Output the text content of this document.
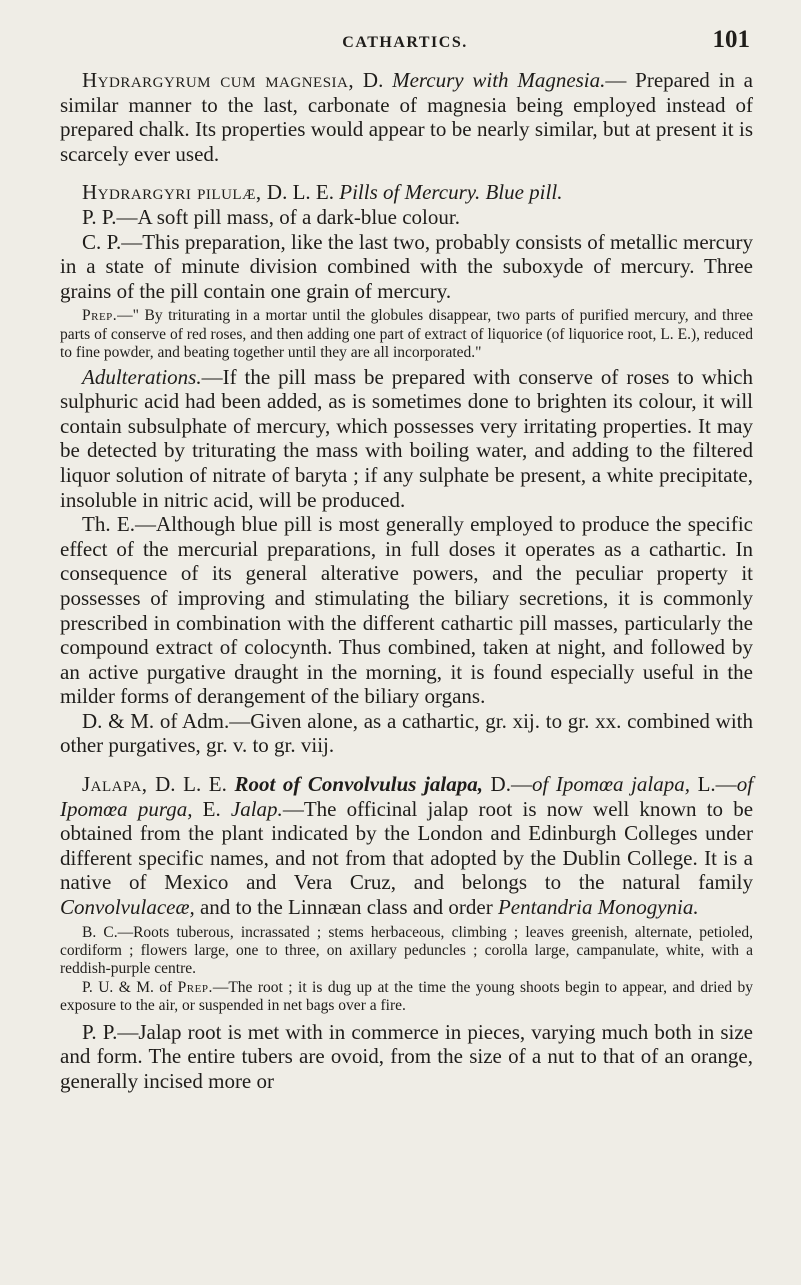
CATHARTICS.	101

Hydrargyrum cum magnesia, D. Mercury with Magnesia.— Prepared in a similar manner to the last, carbonate of magnesia being employed instead of prepared chalk. Its properties would appear to be nearly similar, but at present it is scarcely ever used.

Hydrargyri pilulæ, D. L. E. Pills of Mercury. Blue pill.

P. P.—A soft pill mass, of a dark-blue colour.

C. P.—This preparation, like the last two, probably consists of metallic mercury in a state of minute division combined with the suboxyde of mercury. Three grains of the pill contain one grain of mercury.

Prep.—" By triturating in a mortar until the globules disappear, two parts of purified mercury, and three parts of conserve of red roses, and then adding one part of extract of liquorice (of liquorice root, L. E.), reduced to fine powder, and beating together until they are all incorporated."

Adulterations.—If the pill mass be prepared with conserve of roses to which sulphuric acid had been added, as is sometimes done to brighten its colour, it will contain subsulphate of mercury, which possesses very irritating properties. It may be detected by triturating the mass with boiling water, and adding to the filtered liquor solution of nitrate of baryta ; if any sulphate be present, a white precipitate, insoluble in nitric acid, will be produced.

Th. E.—Although blue pill is most generally employed to produce the specific effect of the mercurial preparations, in full doses it operates as a cathartic. In consequence of its general alterative powers, and the peculiar property it possesses of improving and stimulating the biliary secretions, it is commonly prescribed in combination with the different cathartic pill masses, particularly the compound extract of colocynth. Thus combined, taken at night, and followed by an active purgative draught in the morning, it is found especially useful in the milder forms of derangement of the biliary organs.

D. & M. of Adm.—Given alone, as a cathartic, gr. xij. to gr. xx. combined with other purgatives, gr. v. to gr. viij.

Jalapa, D. L. E. Root of Convolvulus jalapa, D.—of Ipomœa jalapa, L.—of Ipomœa purga, E. Jalap.—The officinal jalap root is now well known to be obtained from the plant indicated by the London and Edinburgh Colleges under different specific names, and not from that adopted by the Dublin College. It is a native of Mexico and Vera Cruz, and belongs to the natural family Convolvulaceæ, and to the Linnæan class and order Pentandria Monogynia.

B. C.—Roots tuberous, incrassated ; stems herbaceous, climbing ; leaves greenish, alternate, petioled, cordiform ; flowers large, one to three, on axillary peduncles ; corolla large, campanulate, white, with a reddish-purple centre.

P. U. & M. of Prep.—The root ; it is dug up at the time the young shoots begin to appear, and dried by exposure to the air, or suspended in net bags over a fire.

P. P.—Jalap root is met with in commerce in pieces, varying much both in size and form. The entire tubers are ovoid, from the size of a nut to that of an orange, generally incised more or
